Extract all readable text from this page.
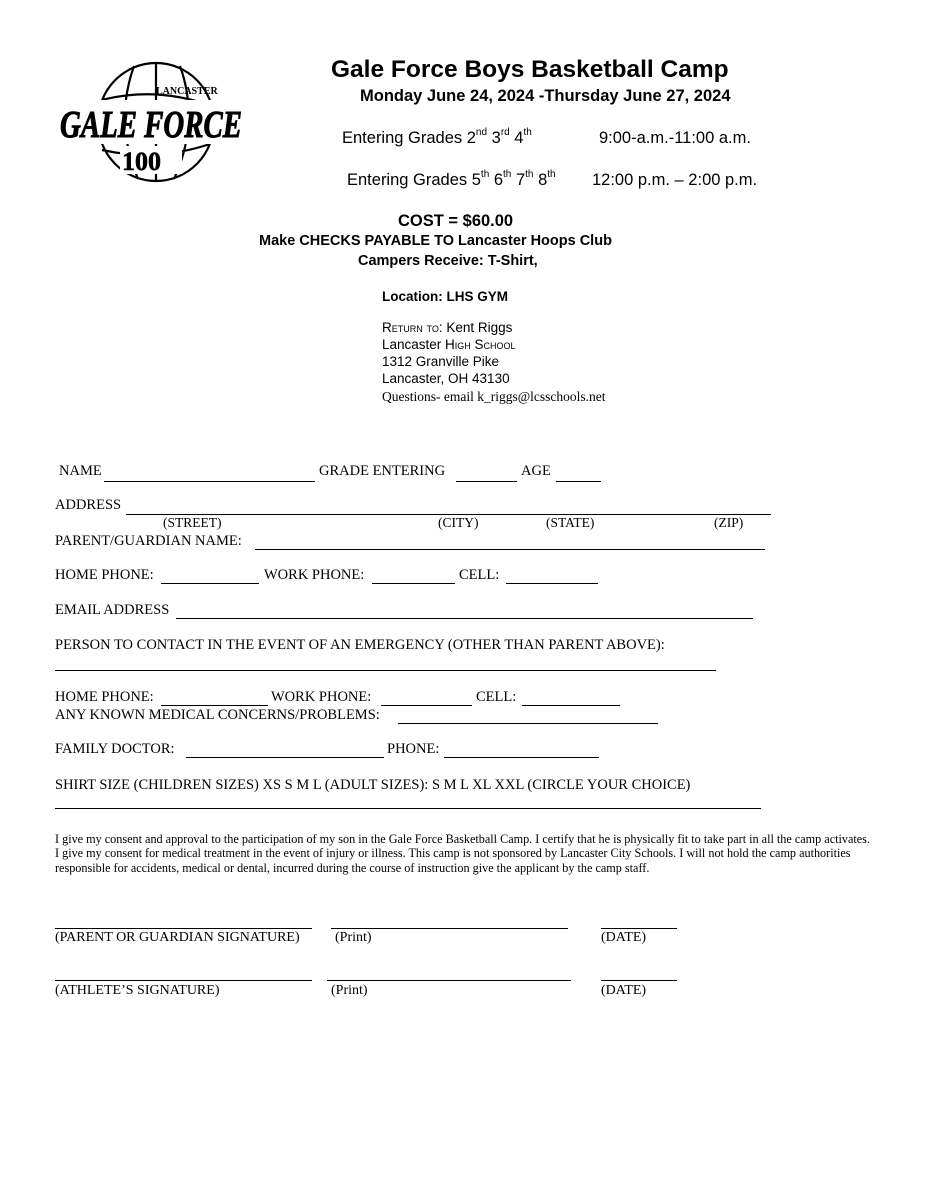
LANCASTER
GALE FORCE
100
Gale Force Boys Basketball Camp
Monday June 24, 2024 -Thursday June 27, 2024
Entering Grades 2nd 3rd 4th	9:00-a.m.-11:00 a.m.
Entering Grades 5th 6th 7th 8th 12:00 p.m. – 2:00 p.m.
COST = $60.00
Make CHECKS PAYABLE TO Lancaster Hoops Club
Campers Receive: T-Shirt,
Location: LHS GYM
Return to: Kent Riggs
Lancaster High School
1312 Granville Pike
Lancaster, OH 43130
Questions- email k_riggs@lcsschools.net
NAME	GRADE ENTERING	AGE
ADDRESS
(STREET)	(CITY)	(STATE)	(ZIP)
PARENT/GUARDIAN NAME:
HOME PHONE:	WORK PHONE:	CELL:
EMAIL ADDRESS
PERSON TO CONTACT IN THE EVENT OF AN EMERGENCY (OTHER THAN PARENT ABOVE):
HOME PHONE:	WORK PHONE:	CELL:
ANY KNOWN MEDICAL CONCERNS/PROBLEMS:
FAMILY DOCTOR:	PHONE:
SHIRT SIZE (CHILDREN SIZES) XS S M L (ADULT SIZES): S M L XL XXL (CIRCLE YOUR CHOICE)
I give my consent and approval to the participation of my son in the Gale Force Basketball Camp. I certify that he is physically fit to take part in all the camp activates. I give my consent for medical treatment in the event of injury or illness. This camp is not sponsored by Lancaster City Schools. I will not hold the camp authorities responsible for accidents, medical or dental, incurred during the course of instruction give the applicant by the camp staff.
(PARENT OR GUARDIAN SIGNATURE)	(Print)	(DATE)
(ATHLETE’S SIGNATURE)	(Print)	(DATE)
